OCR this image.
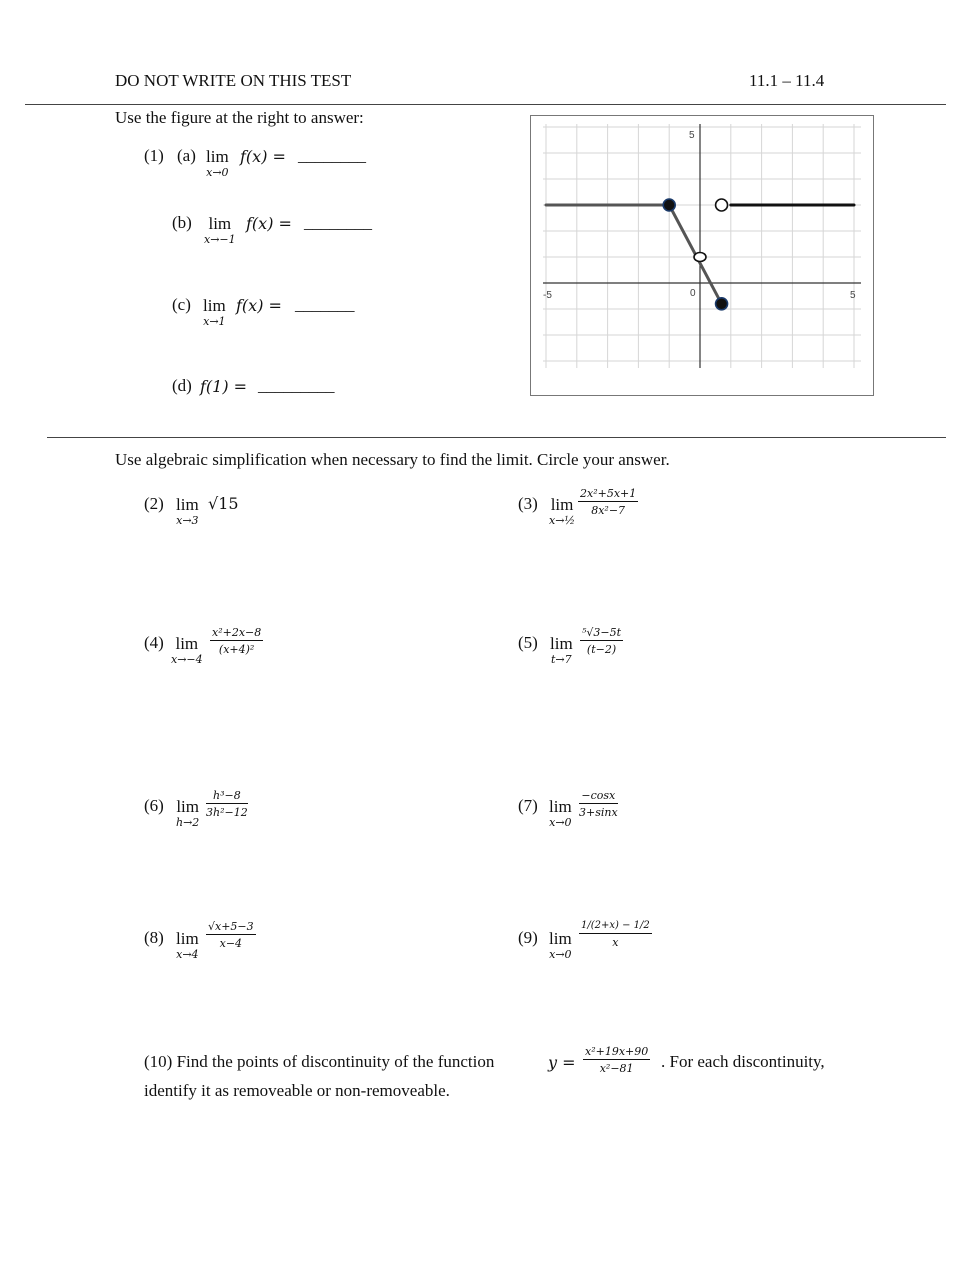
DO NOT WRITE ON THIS TEST	11.1 – 11.4
Use the figure at the right to answer:
(1) (a) lim
x→0
f(x) = ________
(b) lim
x→−1
f(x) = ________
(c) lim
x→1
f(x) = _______
(d) f(1) = _________
5
-5	0	5
Use algebraic simplification when necessary to find the limit. Circle your answer.
(2) lim
x→3
√15	(3) lim
x→½
$\frac{\text{2x²+5x+1}}{\text{8x²−7}}$
(4) lim
x→−4
$\frac{\text{x²+2x−8}}{\text{(x+4)²}}$	(5) lim
t→7
$\frac{\text{⁵√3−5t}}{(t-2)}$
(6) lim
h→2
$\frac{\text{h³−8}}{\text{3h²−12}}$	(7) lim
x→0
$\frac{-\cos x}{3+\sin x}$
(8) lim
x→4
$\frac{√x+5-3}{x-4}$	(9) lim
x→0
$\frac{1/(2+x) - 1/2}{x}$
(10) Find the points of discontinuity of the function	$y = \frac{\text{x²+19x+90}}{\text{x²−81}}$ . For each discontinuity,
identify it as removeable or non-removeable.
